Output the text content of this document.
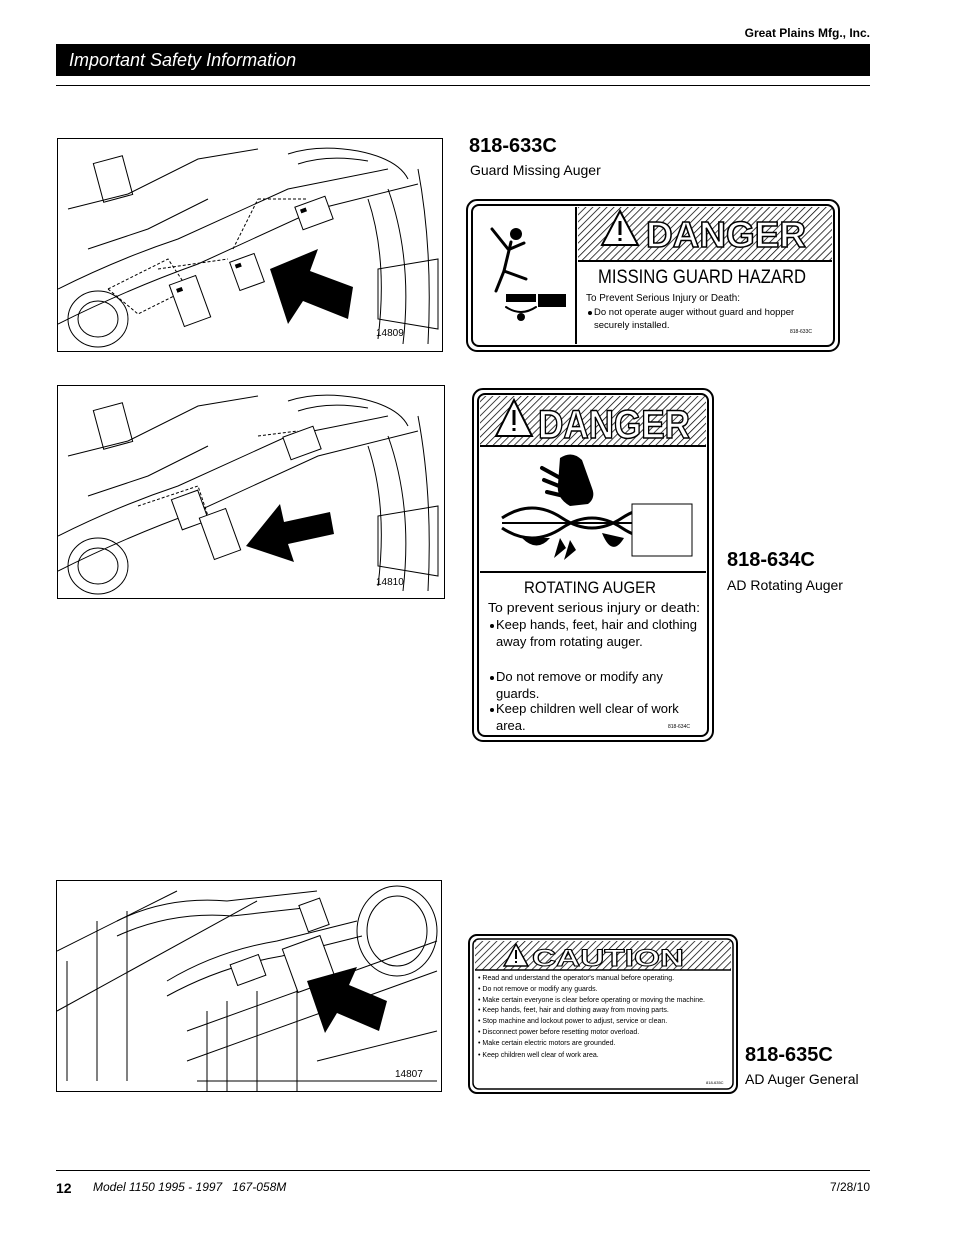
Great Plains Mfg., Inc.
Important Safety Information
14809
14810
14807
818-633C
Guard Missing Auger
DANGER
MISSING GUARD HAZARD
To Prevent Serious Injury or Death:
Do not operate auger without guard and hopper securely installed.
818-633C
DANGER
ROTATING AUGER
To prevent serious injury or death:
Keep hands, feet, hair and clothing away from rotating auger.
Do not remove or modify any guards.
Keep children well clear of work area.	818-634C
818-634C
AD Rotating Auger
CAUTION
• Read and understand the operator's manual before operating.
• Do not remove or modify any guards.
• Make certain everyone is clear before operating or moving the machine.
• Keep hands, feet, hair and clothing away from moving parts.
• Stop machine and lockout power to adjust, service or clean.
• Disconnect power before resetting motor overload.
• Make certain electric motors are grounded.
• Keep children well clear of work area.
818-635C
818-635C
AD Auger General
12 Model 1150 1995 - 1997   167-058M	7/28/10
